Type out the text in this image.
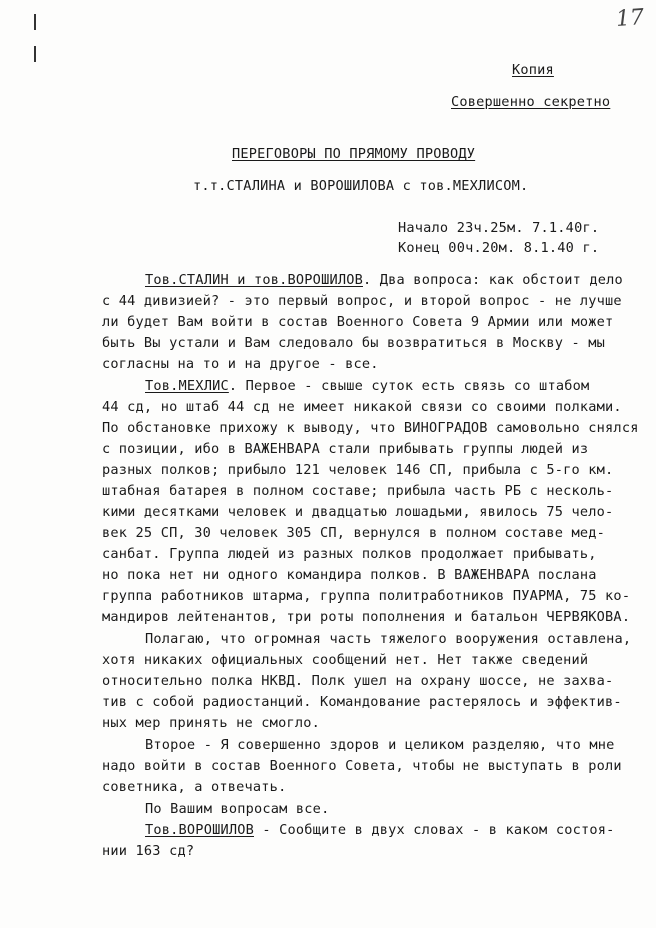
17
Копия
Совершенно секретно
ПЕРЕГОВОРЫ ПО ПРЯМОМУ ПРОВОДУ
т.т.СТАЛИНА и ВОРОШИЛОВА с тов.МЕХЛИСОМ.
Начало 23ч.25м. 7.1.40г.
Конец 00ч.20м. 8.1.40 г.
Тов.СТАЛИН и тов.ВОРОШИЛОВ. Два вопроса: как обстоит дело
с 44 дивизией? - это первый вопрос, и второй вопрос - не лучше
ли будет Вам войти в состав Военного Совета 9 Армии или может
быть Вы устали и Вам следовало бы возвратиться в Москву - мы
согласны на то и на другое - все.
Тов.МЕХЛИС. Первое - свыше суток есть связь со штабом
44 сд, но штаб 44 сд не имеет никакой связи со своими полками.
По обстановке прихожу к выводу, что ВИНОГРАДОВ самовольно снялся
с позиции, ибо в ВАЖЕНВАРА стали прибывать группы людей из
разных полков; прибыло 121 человек 146 СП, прибыла с 5-го км.
штабная батарея в полном составе; прибыла часть РБ с несколь-
кими десятками человек и двадцатью лошадьми, явилось 75 чело-
век 25 СП, 30 человек 305 СП, вернулся в полном составе мед-
санбат. Группа людей из разных полков продолжает прибывать,
но пока нет ни одного командира полков. В ВАЖЕНВАРА послана
группа работников штарма, группа политработников ПУАРМА, 75 ко-
мандиров лейтенантов, три роты пополнения и батальон ЧЕРВЯКОВА.
Полагаю, что огромная часть тяжелого вооружения оставлена,
хотя никаких официальных сообщений нет. Нет также сведений
относительно полка НКВД. Полк ушел на охрану шоссе, не захва-
тив с собой радиостанций. Командование растерялось и эффектив-
ных мер принять не смогло.
Второе - Я совершенно здоров и целиком разделяю, что мне
надо войти в состав Военного Совета, чтобы не выступать в роли
советника, а отвечать.
По Вашим вопросам все.
Тов.ВОРОШИЛОВ - Сообщите в двух словах - в каком состоя-
нии 163 сд?
